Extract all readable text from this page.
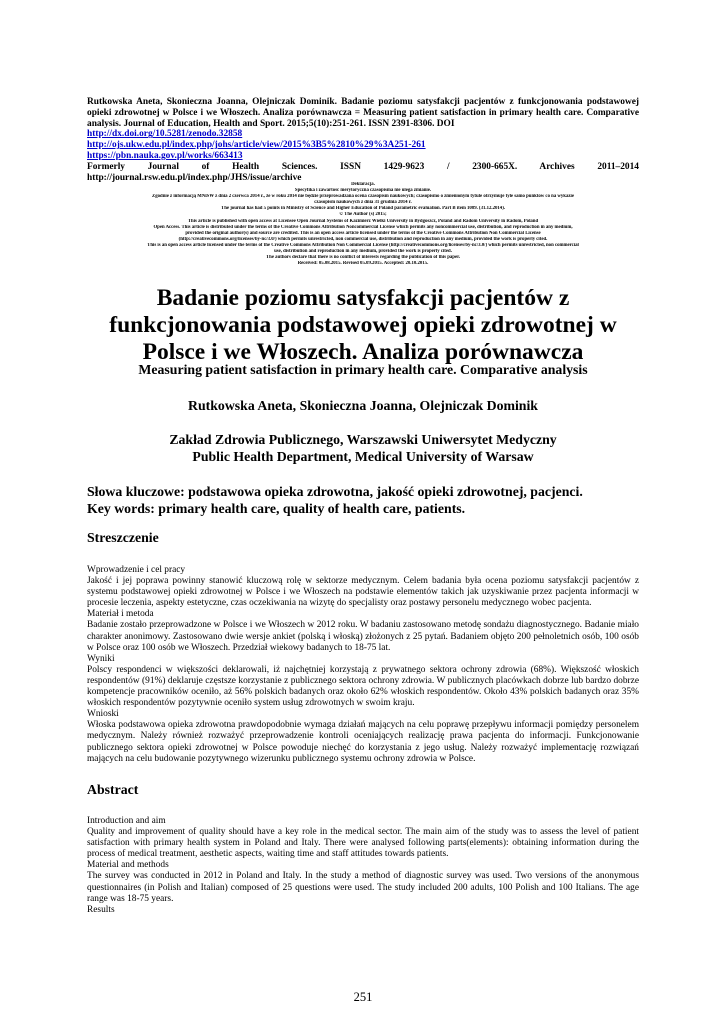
Rutkowska Aneta, Skonieczna Joanna, Olejniczak Dominik. Badanie poziomu satysfakcji pacjentów z funkcjonowania podstawowej opieki zdrowotnej w Polsce i we Włoszech. Analiza porównawcza = Measuring patient satisfaction in primary health care. Comparative analysis. Journal of Education, Health and Sport. 2015;5(10):251-261. ISSN 2391-8306. DOI
http://dx.doi.org/10.5281/zenodo.32858
http://ojs.ukw.edu.pl/index.php/johs/article/view/2015%3B5%2810%29%3A251-261
https://pbn.nauka.gov.pl/works/663413
Formerly Journal of Health Sciences. ISSN 1429-9623 / 2300-665X. Archives 2011–2014
http://journal.rsw.edu.pl/index.php/JHS/issue/archive
Deklaracja.
Specyfika i zawartość merytoryczna czasopisma nie ulega zmianie.
Zgodnie z informacją MNiSW z dnia 2 czerwca 2014 r., że w roku 2014 nie będzie przeprowadzana ocena czasopism naukowych; czasopismo o zmienionym tytule otrzymuje tyle samo punktów co na wykazie
czasopism naukowych z dnia 31 grudnia 2014 r.
The journal has had 5 points in Ministry of Science and Higher Education of Poland parametric evaluation. Part B item 1089. (31.12.2014).
© The Author (s) 2015;
This article is published with open access at Licensee Open Journal Systems of Kazimierz Wielki University in Bydgoszcz, Poland and Radom University in Radom, Poland
Open Access. This article is distributed under the terms of the Creative Commons Attribution Noncommercial License which permits any noncommercial use, distribution, and reproduction in any medium,
provided the original author(s) and source are credited. This is an open access article licensed under the terms of the Creative Commons Attribution Non Commercial License
(http://creativecommons.org/licenses/by-nc/3.0/) which permits unrestricted, non commercial use, distribution and reproduction in any medium, provided the work is properly cited.
This is an open access article licensed under the terms of the Creative Commons Attribution Non Commercial License (http://creativecommons.org/licenses/by-nc/3.0/) which permits unrestricted, non commercial
use, distribution and reproduction in any medium, provided the work is properly cited.
The authors declare that there is no conflict of interests regarding the publication of this paper.
Received: 05.08.2015. Revised 05.09.2015. Accepted: 20.10.2015.
Badanie poziomu satysfakcji pacjentów z funkcjonowania podstawowej opieki zdrowotnej w Polsce i we Włoszech. Analiza porównawcza
Measuring patient satisfaction in primary health care. Comparative analysis
Rutkowska Aneta, Skonieczna Joanna, Olejniczak Dominik
Zakład Zdrowia Publicznego, Warszawski Uniwersytet Medyczny
Public Health Department, Medical University of Warsaw
Słowa kluczowe: podstawowa opieka zdrowotna, jakość opieki zdrowotnej, pacjenci.
Key words: primary health care, quality of health care, patients.
Streszczenie
Wprowadzenie i cel pracy
Jakość i jej poprawa powinny stanowić kluczową rolę w sektorze medycznym. Celem badania była ocena poziomu satysfakcji pacjentów z systemu podstawowej opieki zdrowotnej w Polsce i we Włoszech na podstawie elementów takich jak uzyskiwanie przez pacjenta informacji w procesie leczenia, aspekty estetyczne, czas oczekiwania na wizytę do specjalisty oraz postawy personelu medycznego wobec pacjenta.
Materiał i metoda
Badanie zostało przeprowadzone w Polsce i we Włoszech w 2012 roku. W badaniu zastosowano metodę sondażu diagnostycznego. Badanie miało charakter anonimowy. Zastosowano dwie wersje ankiet (polską i włoską) złożonych z 25 pytań. Badaniem objęto 200 pełnoletnich osób, 100 osób w Polsce oraz 100 osób we Włoszech. Przedział wiekowy badanych to 18-75 lat.
Wyniki
Polscy respondenci w większości deklarowali, iż najchętniej korzystają z prywatnego sektora ochrony zdrowia (68%). Większość włoskich respondentów (91%) deklaruje częstsze korzystanie z publicznego sektora ochrony zdrowia. W publicznych placówkach dobrze lub bardzo dobrze kompetencje pracowników oceniło, aż 56% polskich badanych oraz około 62% włoskich respondentów. Około 43% polskich badanych oraz 35% włoskich respondentów pozytywnie oceniło system usług zdrowotnych w swoim kraju.
Wnioski
Włoska podstawowa opieka zdrowotna prawdopodobnie wymaga działań mających na celu poprawę przepływu informacji pomiędzy personelem medycznym. Należy również rozważyć przeprowadzenie kontroli oceniających realizację prawa pacjenta do informacji. Funkcjonowanie publicznego sektora opieki zdrowotnej w Polsce powoduje niechęć do korzystania z jego usług. Należy rozważyć implementację rozwiązań mających na celu budowanie pozytywnego wizerunku publicznego systemu ochrony zdrowia w Polsce.
Abstract
Introduction and aim
Quality and improvement of quality should have a key role in the medical sector. The main aim of the study was to assess the level of patient satisfaction with primary health system in Poland and Italy. There were analysed following parts(elements): obtaining information during the process of medical treatment, aesthetic aspects, waiting time and staff attitudes towards patients.
Material and methods
The survey was conducted in 2012 in Poland and Italy. In the study a method of diagnostic survey was used. Two versions of the anonymous questionnaires (in Polish and Italian) composed of 25 questions were used. The study included 200 adults, 100 Polish and 100 Italians. The age range was 18-75 years.
Results
251
